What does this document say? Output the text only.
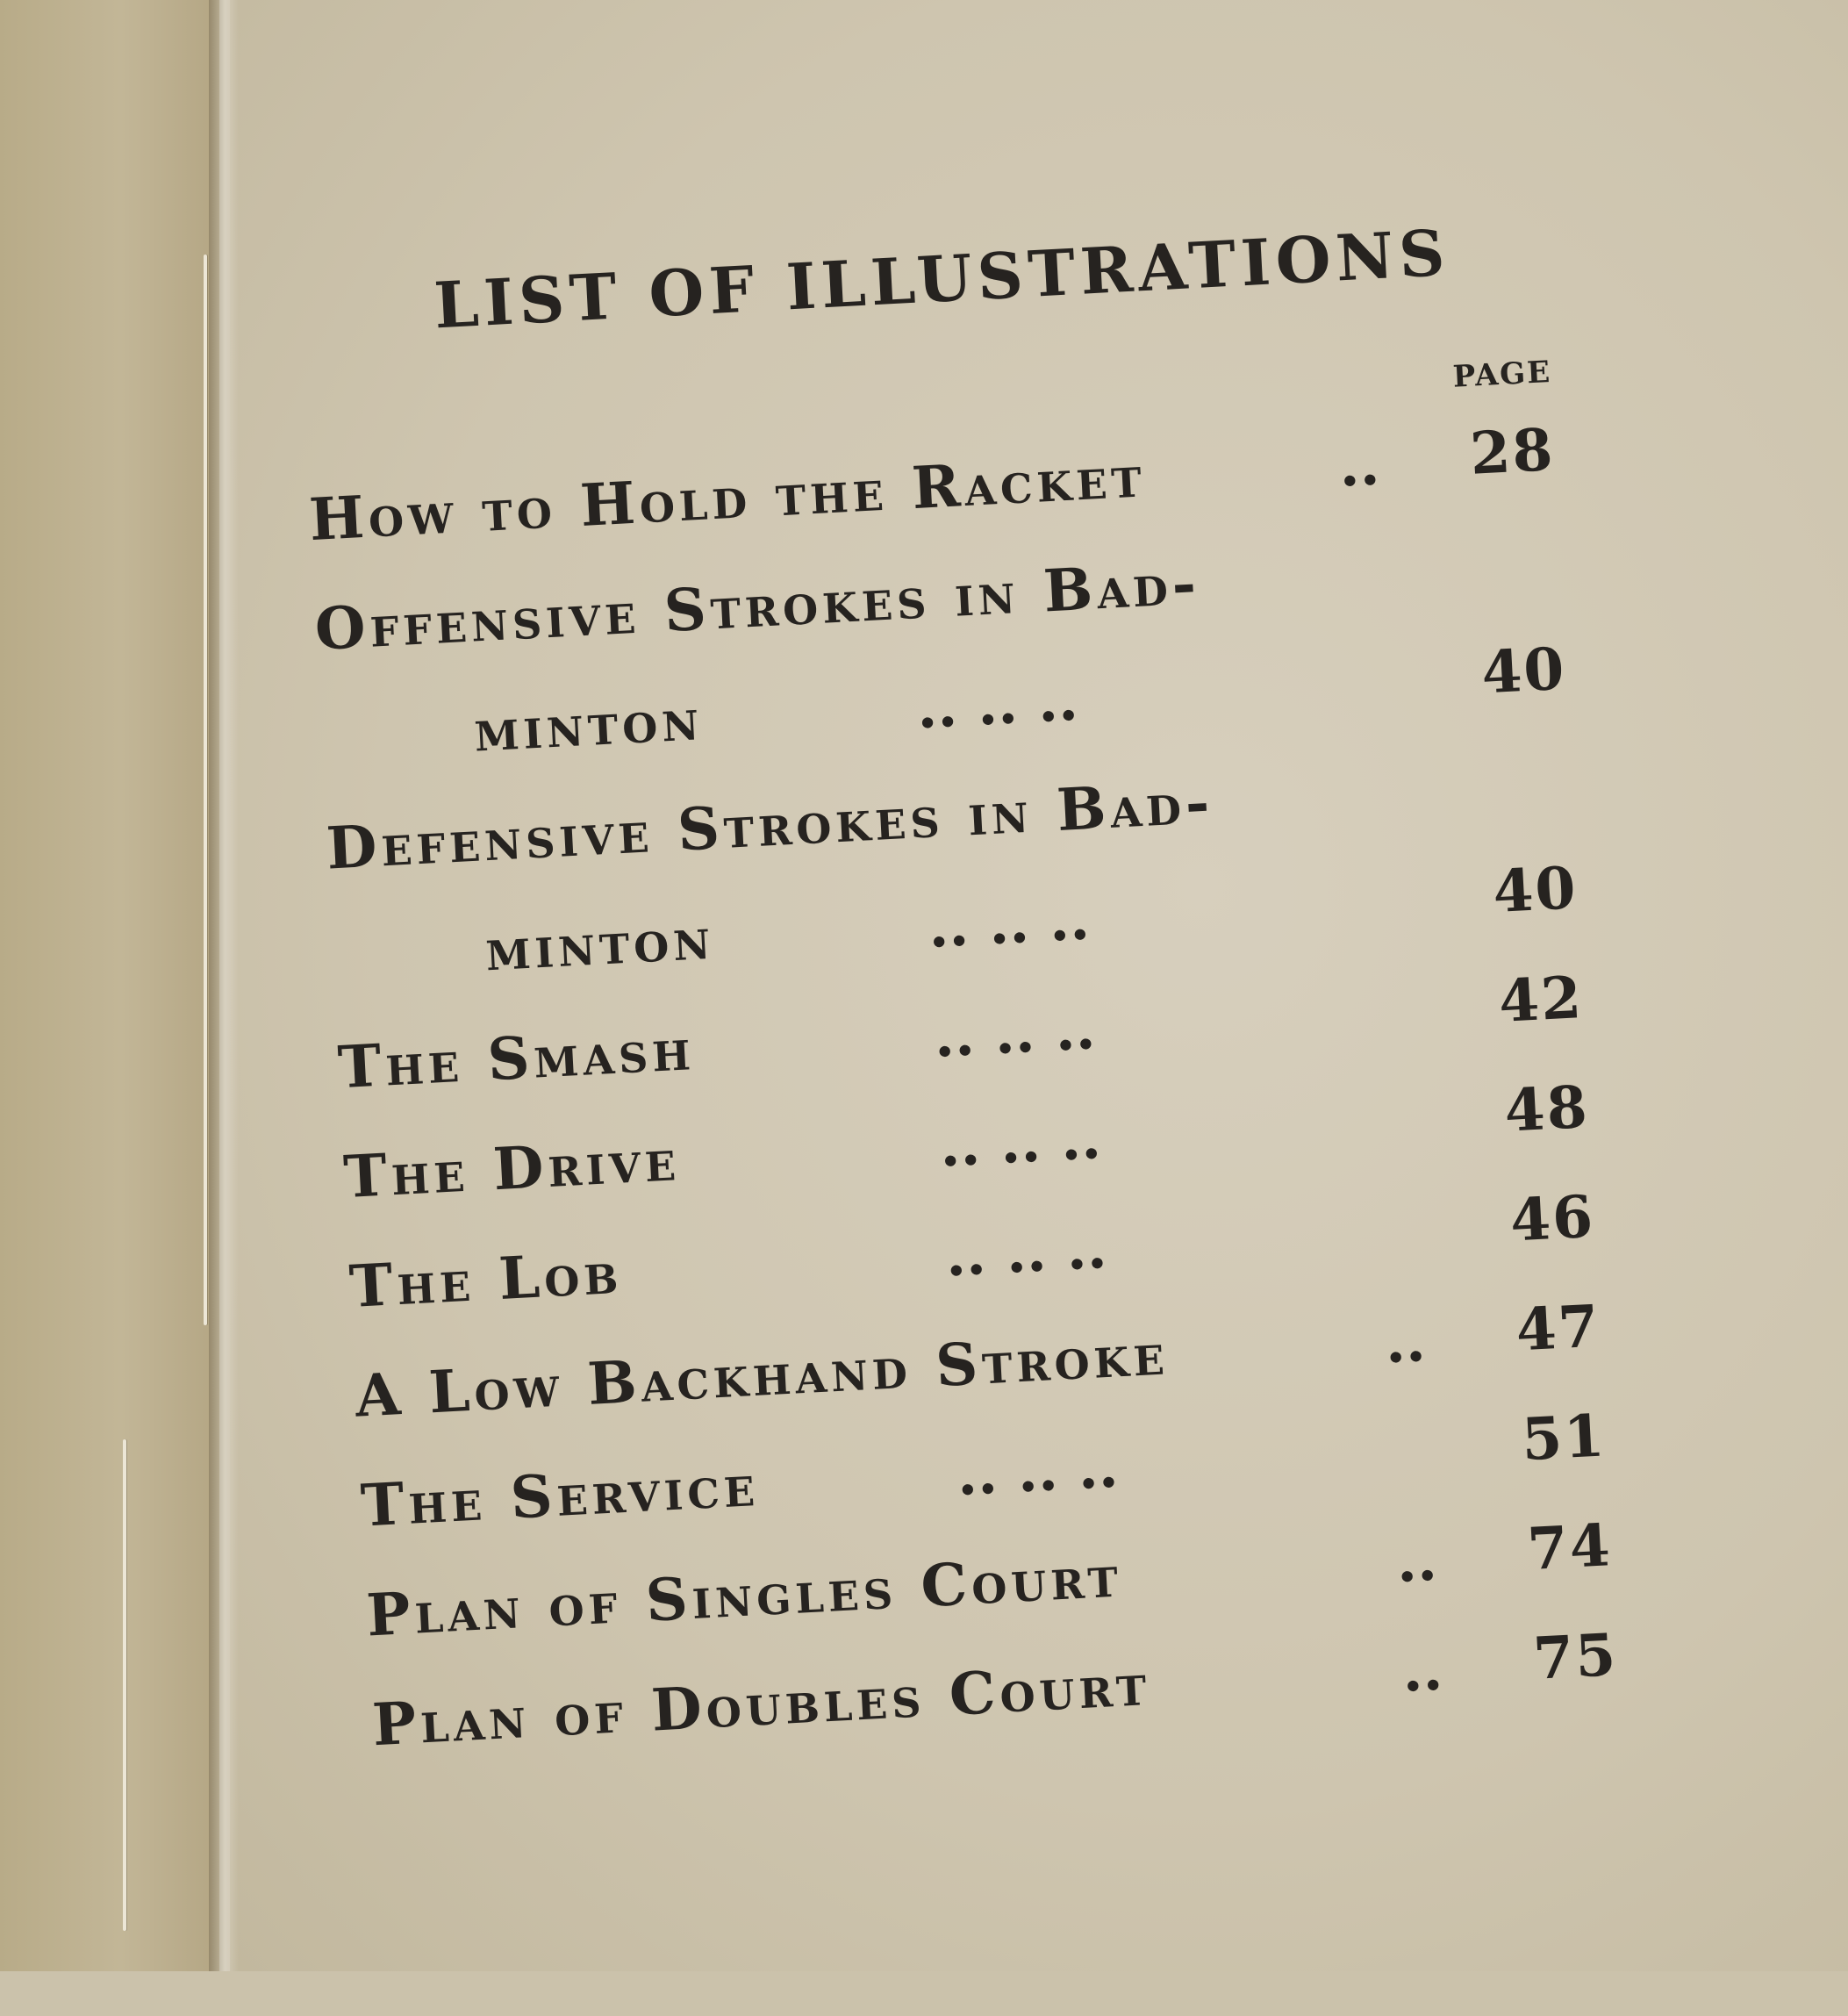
LIST OF ILLUSTRATIONS
PAGE
How to Hold the Racket	.. 28
Offensive Strokes in Bad-
minton	.. .. ..	40
Defensive Strokes in Bad-
minton	.. .. ..	40
The Smash	.. .. ..	42
The Drive	.. .. ..	48
The Lob	.. .. ..	46
A Low Backhand Stroke	.. 47
The Service	.. .. ..	51
Plan of Singles Court	.. 74
Plan of Doubles Court	.. 75
